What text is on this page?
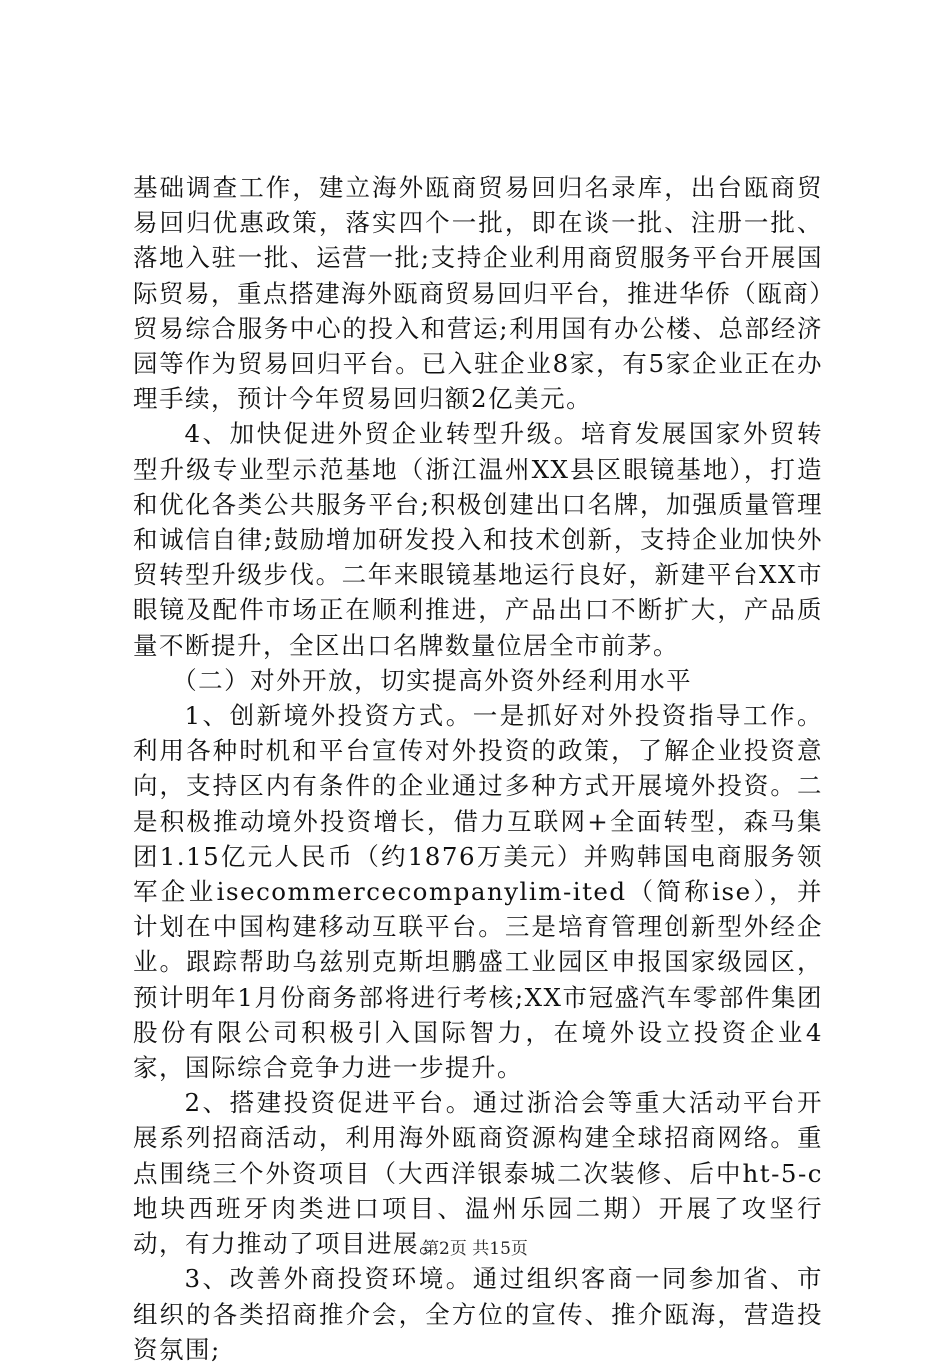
基础调查工作，建立海外瓯商贸易回归名录库，出台瓯商贸易回归优惠政策，落实四个一批，即在谈一批、注册一批、落地入驻一批、运营一批;支持企业利用商贸服务平台开展国际贸易，重点搭建海外瓯商贸易回归平台，推进华侨（瓯商）贸易综合服务中心的投入和营运;利用国有办公楼、总部经济园等作为贸易回归平台。已入驻企业8家，有5家企业正在办理手续，预计今年贸易回归额2亿美元。

4、加快促进外贸企业转型升级。培育发展国家外贸转型升级专业型示范基地（浙江温州XX县区眼镜基地），打造和优化各类公共服务平台;积极创建出口名牌，加强质量管理和诚信自律;鼓励增加研发投入和技术创新，支持企业加快外贸转型升级步伐。二年来眼镜基地运行良好，新建平台XX市眼镜及配件市场正在顺利推进，产品出口不断扩大，产品质量不断提升，全区出口名牌数量位居全市前茅。

（二）对外开放，切实提高外资外经利用水平

1、创新境外投资方式。一是抓好对外投资指导工作。利用各种时机和平台宣传对外投资的政策，了解企业投资意向，支持区内有条件的企业通过多种方式开展境外投资。二是积极推动境外投资增长，借力互联网+全面转型，森马集团1.15亿元人民币（约1876万美元）并购韩国电商服务领军企业isecommercecompanylim-ited（简称ise），并计划在中国构建移动互联平台。三是培育管理创新型外经企业。跟踪帮助乌兹别克斯坦鹏盛工业园区申报国家级园区，预计明年1月份商务部将进行考核;XX市冠盛汽车零部件集团股份有限公司积极引入国际智力，在境外设立投资企业4家，国际综合竞争力进一步提升。

2、搭建投资促进平台。通过浙洽会等重大活动平台开展系列招商活动，利用海外瓯商资源构建全球招商网络。重点围绕三个外资项目（大西洋银泰城二次装修、后中ht-5-c地块西班牙肉类进口项目、温州乐园二期）开展了攻坚行动，有力推动了项目进展。

3、改善外商投资环境。通过组织客商一同参加省、市组织的各类招商推介会，全方位的宣传、推介瓯海，营造投资氛围;

第2页 共15页
